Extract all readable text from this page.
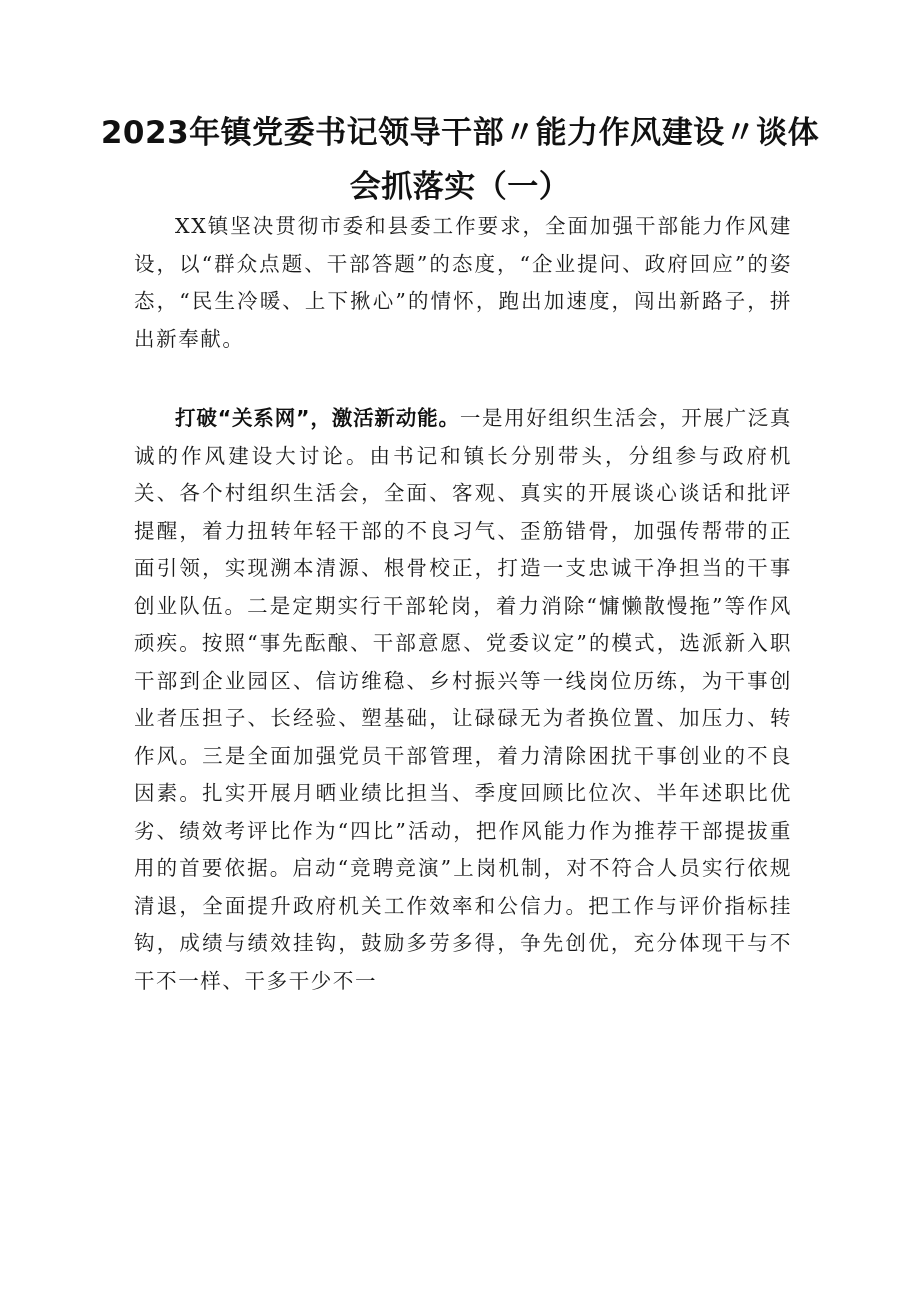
2023年镇党委书记领导干部〃能力作风建设〃谈体
会抓落实（一）

XX镇坚决贯彻市委和县委工作要求，全面加强干部能力作风建设，以“群众点题、干部答题”的态度，“企业提问、政府回应”的姿态，“民生冷暖、上下揪心”的情怀，跑出加速度，闯出新路子，拼出新奉献。

打破“关系网”，激活新动能。一是用好组织生活会，开展广泛真诚的作风建设大讨论。由书记和镇长分别带头，分组参与政府机关、各个村组织生活会，全面、客观、真实的开展谈心谈话和批评提醒，着力扭转年轻干部的不良习气、歪筋错骨，加强传帮带的正面引领，实现溯本清源、根骨校正，打造一支忠诚干净担当的干事创业队伍。二是定期实行干部轮岗，着力消除“慵懒散慢拖”等作风顽疾。按照“事先酝酿、干部意愿、党委议定”的模式，选派新入职干部到企业园区、信访维稳、乡村振兴等一线岗位历练，为干事创业者压担子、长经验、塑基础，让碌碌无为者换位置、加压力、转作风。三是全面加强党员干部管理，着力清除困扰干事创业的不良因素。扎实开展月晒业绩比担当、季度回顾比位次、半年述职比优劣、绩效考评比作为“四比”活动，把作风能力作为推荐干部提拔重用的首要依据。启动“竞聘竞演”上岗机制，对不符合人员实行依规清退，全面提升政府机关工作效率和公信力。把工作与评价指标挂钩，成绩与绩效挂钩，鼓励多劳多得，争先创优，充分体现干与不干不一样、干多干少不一
